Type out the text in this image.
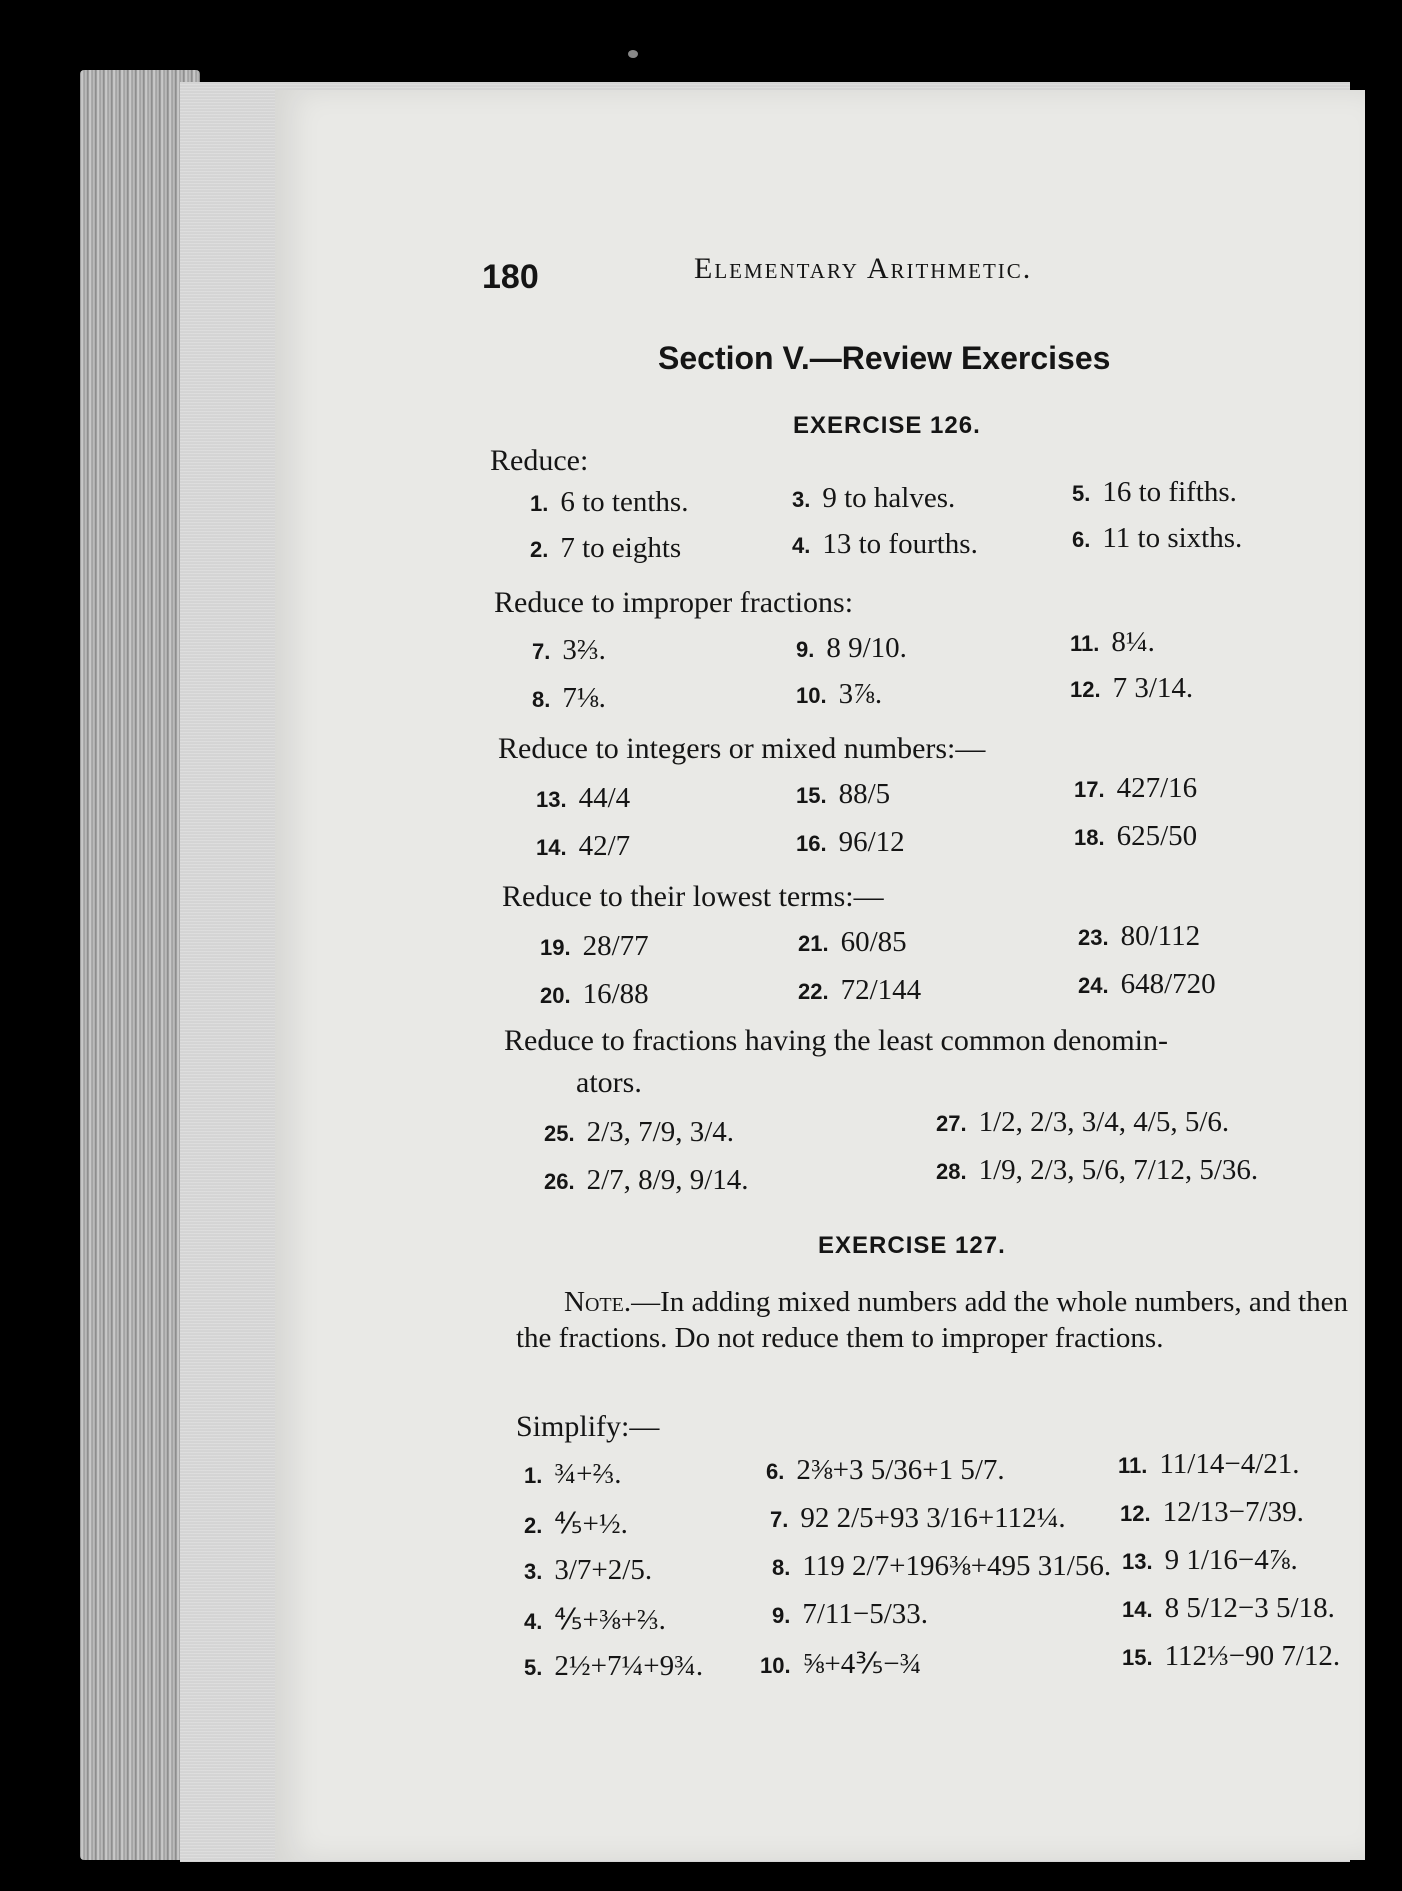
180	Elementary Arithmetic.
Section V.—Review Exercises
EXERCISE 126.
Reduce:
1. 6 to tenths.	3. 9 to halves.	5. 16 to fifths.
2. 7 to eights	4. 13 to fourths.	6. 11 to sixths.
Reduce to improper fractions:
7. 3⅔.	9. 8 9/10.	11. 8¼.
8. 7⅛.	10. 3⅞.	12. 7 3/14.
Reduce to integers or mixed numbers:—
13. 44/4	15. 88/5	17. 427/16
14. 42/7	16. 96/12	18. 625/50
Reduce to their lowest terms:—
19. 28/77	21. 60/85	23. 80/112
20. 16/88	22. 72/144	24. 648/720
Reduce to fractions having the least common denomin-
ators.
25. 2/3, 7/9, 3/4.	27. 1/2, 2/3, 3/4, 4/5, 5/6.
26. 2/7, 8/9, 9/14.	28. 1/9, 2/3, 5/6, 7/12, 5/36.
EXERCISE 127.
Note.—In adding mixed numbers add the whole numbers, and then the fractions. Do not reduce them to improper fractions.
Simplify:—
1. ¾+⅔.
2. ⅘+½.
3. 3/7+2/5.
4. ⅘+⅜+⅔.
5. 2½+7¼+9¾.
6. 2⅜+3 5/36+1 5/7.
7. 92 2/5+93 3/16+112¼.
8. 119 2/7+196⅜+495 31/56.
9. 7/11−5/33.
10. ⅝+4⅗−¾
11. 11/14−4/21.
12. 12/13−7/39.
13. 9 1/16−4⅞.
14. 8 5/12−3 5/18.
15. 112⅓−90 7/12.
